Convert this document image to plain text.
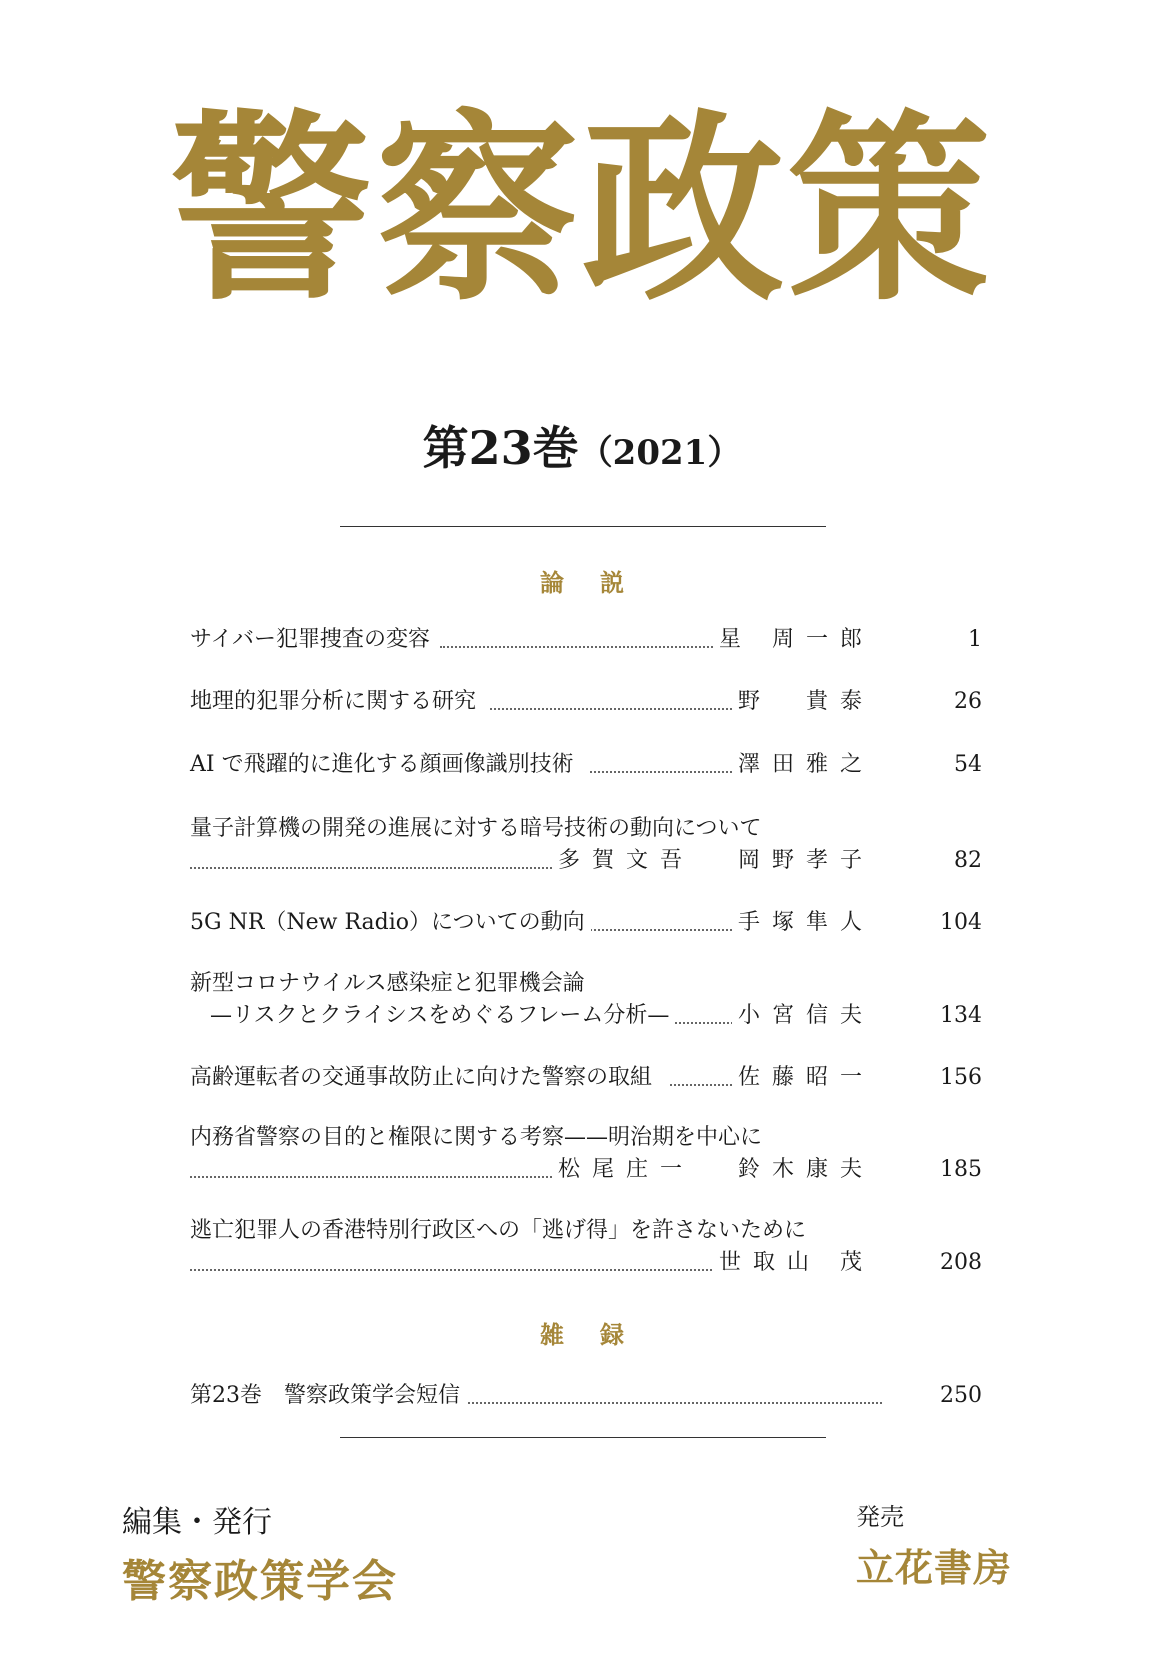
警察政策
第23巻（2021）
論説
サイバー犯罪捜査の変容	星 周一郎	1
地理的犯罪分析に関する研究	野　貴泰	26
AI で飛躍的に進化する顔画像識別技術	澤田雅之	54
量子計算機の開発の進展に対する暗号技術の動向について
多賀文吾 岡野孝子	82
5G NR（New Radio）についての動向	手塚隼人	104
新型コロナウイルス感染症と犯罪機会論
—リスクとクライシスをめぐるフレーム分析—	小宮信夫	134
高齢運転者の交通事故防止に向けた警察の取組	佐藤昭一	156
内務省警察の目的と権限に関する考察——明治期を中心に
松尾庄一 鈴木康夫	185
逃亡犯罪人の香港特別行政区への「逃げ得」を許さないために
世取山 茂	208
雑録
第23巻　警察政策学会短信	250
編集・発行
警察政策学会
発売
立花書房
